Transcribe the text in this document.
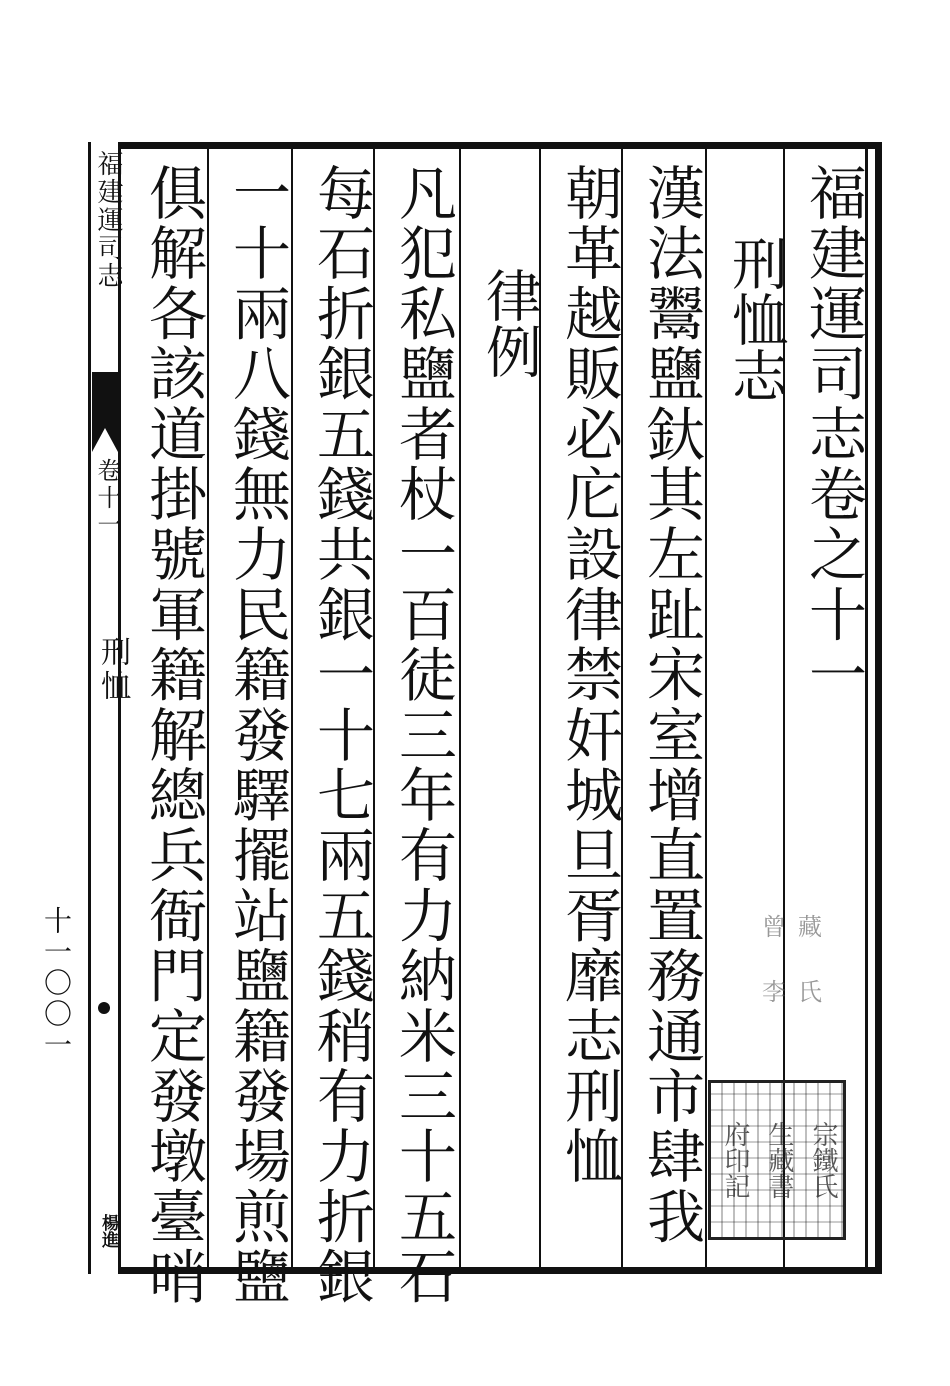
福建運司志卷之十一
刑恤志
漢法鬻鹽釱其左趾宋室增直置務通市肆我
朝革越販必庀設律禁奸城旦胥靡志刑恤
律例
凡犯私鹽者杖一百徒三年有力納米三十五石
每石折銀五錢共銀一十七兩五錢稍有力折銀
一十兩八錢無力民籍發驛擺站鹽籍發場煎鹽
俱解各該道掛號軍籍解總兵衙門定發墩臺哨
福建運司志
卷十一
刑恤
楊進
十一〇〇一	曾 藏
李 氏
宗鐵氏
生藏書
府印記
